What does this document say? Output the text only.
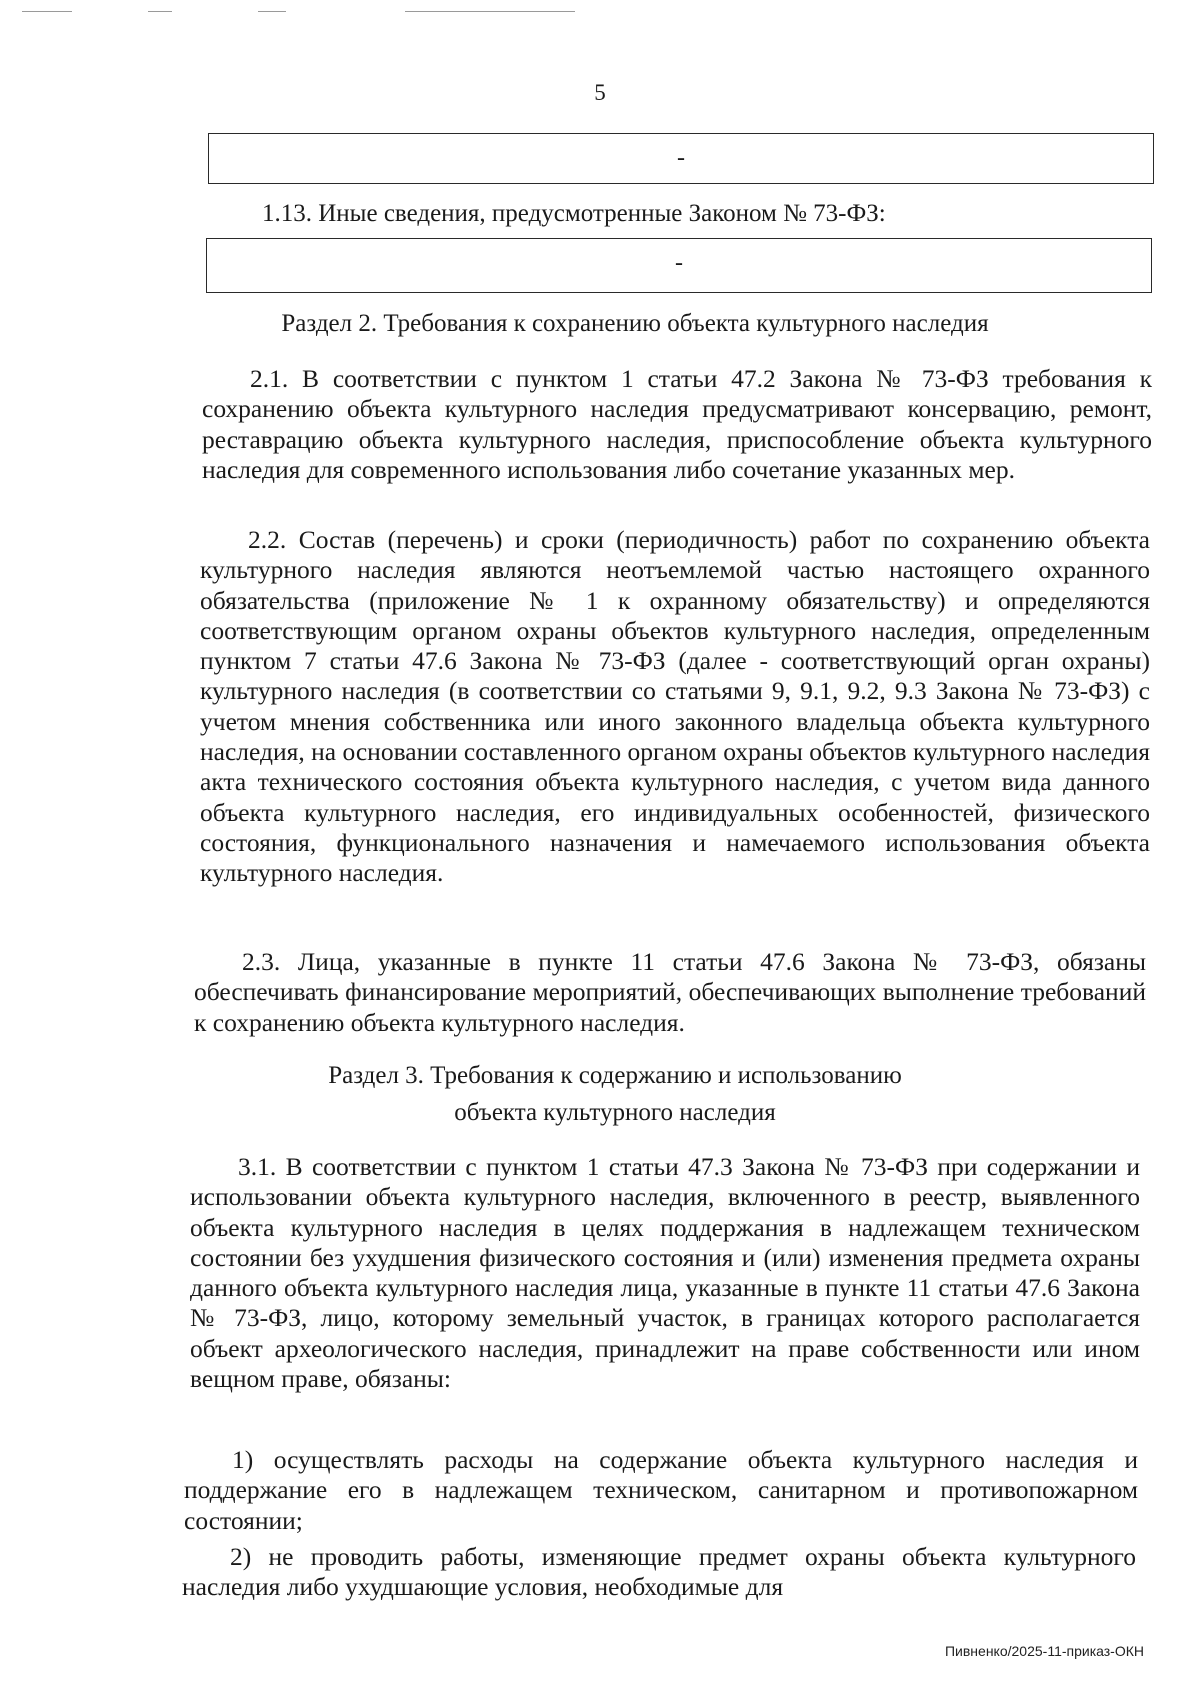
5
-
1.13. Иные сведения, предусмотренные Законом № 73-ФЗ:
-
Раздел 2. Требования к сохранению объекта культурного наследия

2.1. В соответствии с пунктом 1 статьи 47.2 Закона № 73-ФЗ требования к сохранению объекта культурного наследия предусматривают консервацию, ремонт, реставрацию объекта культурного наследия, приспособление объекта культурного наследия для современного использования либо сочетание указанных мер.

2.2. Состав (перечень) и сроки (периодичность) работ по сохранению объекта культурного наследия являются неотъемлемой частью настоящего охранного обязательства (приложение № 1 к охранному обязательству) и определяются соответствующим органом охраны объектов культурного наследия, определенным пунктом 7 статьи 47.6 Закона № 73-ФЗ (далее - соответствующий орган охраны) культурного наследия (в соответствии со статьями 9, 9.1, 9.2, 9.3 Закона № 73-ФЗ) с учетом мнения собственника или иного законного владельца объекта культурного наследия, на основании составленного органом охраны объектов культурного наследия акта технического состояния объекта культурного наследия, с учетом вида данного объекта культурного наследия, его индивидуальных особенностей, физического состояния, функционального назначения и намечаемого использования объекта культурного наследия.

2.3. Лица, указанные в пункте 11 статьи 47.6 Закона № 73-ФЗ, обязаны обеспечивать финансирование мероприятий, обеспечивающих выполнение требований к сохранению объекта культурного наследия.

Раздел 3. Требования к содержанию и использованию
объекта культурного наследия

3.1. В соответствии с пунктом 1 статьи 47.3 Закона № 73-ФЗ при содержании и использовании объекта культурного наследия, включенного в реестр, выявленного объекта культурного наследия в целях поддержания в надлежащем техническом состоянии без ухудшения физического состояния и (или) изменения предмета охраны данного объекта культурного наследия лица, указанные в пункте 11 статьи 47.6 Закона № 73-ФЗ, лицо, которому земельный участок, в границах которого располагается объект археологического наследия, принадлежит на праве собственности или ином вещном праве, обязаны:

1) осуществлять расходы на содержание объекта культурного наследия и поддержание его в надлежащем техническом, санитарном и противопожарном состоянии;

2) не проводить работы, изменяющие предмет охраны объекта культурного наследия либо ухудшающие условия, необходимые для

Пивненко/2025-11-приказ-ОКН
